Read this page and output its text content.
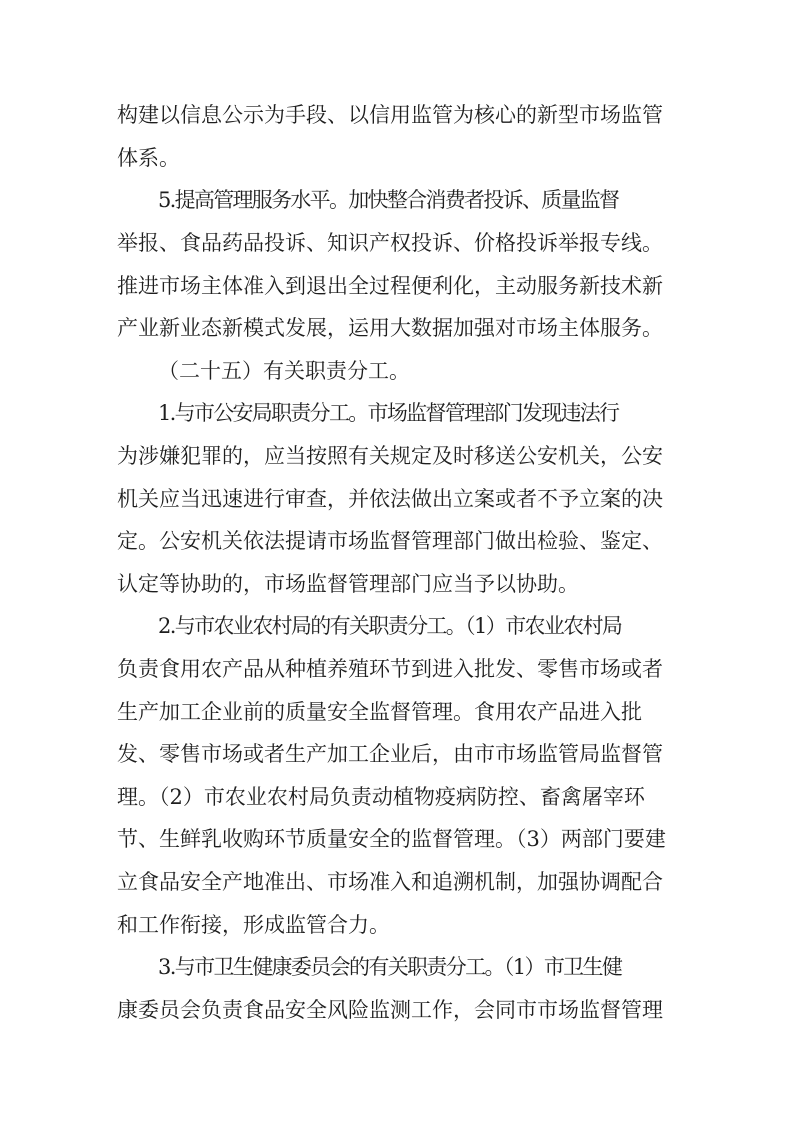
构建以信息公示为手段、以信用监管为核心的新型市场监管
体系。
5.提高管理服务水平。加快整合消费者投诉、质量监督
举报、食品药品投诉、知识产权投诉、价格投诉举报专线。
推进市场主体准入到退出全过程便利化，主动服务新技术新
产业新业态新模式发展，运用大数据加强对市场主体服务。
（二十五）有关职责分工。
1.与市公安局职责分工。市场监督管理部门发现违法行
为涉嫌犯罪的，应当按照有关规定及时移送公安机关，公安
机关应当迅速进行审查，并依法做出立案或者不予立案的决
定。公安机关依法提请市场监督管理部门做出检验、鉴定、
认定等协助的，市场监督管理部门应当予以协助。
2.与市农业农村局的有关职责分工。（1）市农业农村局
负责食用农产品从种植养殖环节到进入批发、零售市场或者
生产加工企业前的质量安全监督管理。食用农产品进入批
发、零售市场或者生产加工企业后，由市市场监管局监督管
理。（2）市农业农村局负责动植物疫病防控、畜禽屠宰环
节、生鲜乳收购环节质量安全的监督管理。（3）两部门要建
立食品安全产地准出、市场准入和追溯机制，加强协调配合
和工作衔接，形成监管合力。
3.与市卫生健康委员会的有关职责分工。（1）市卫生健
康委员会负责食品安全风险监测工作，会同市市场监督管理
